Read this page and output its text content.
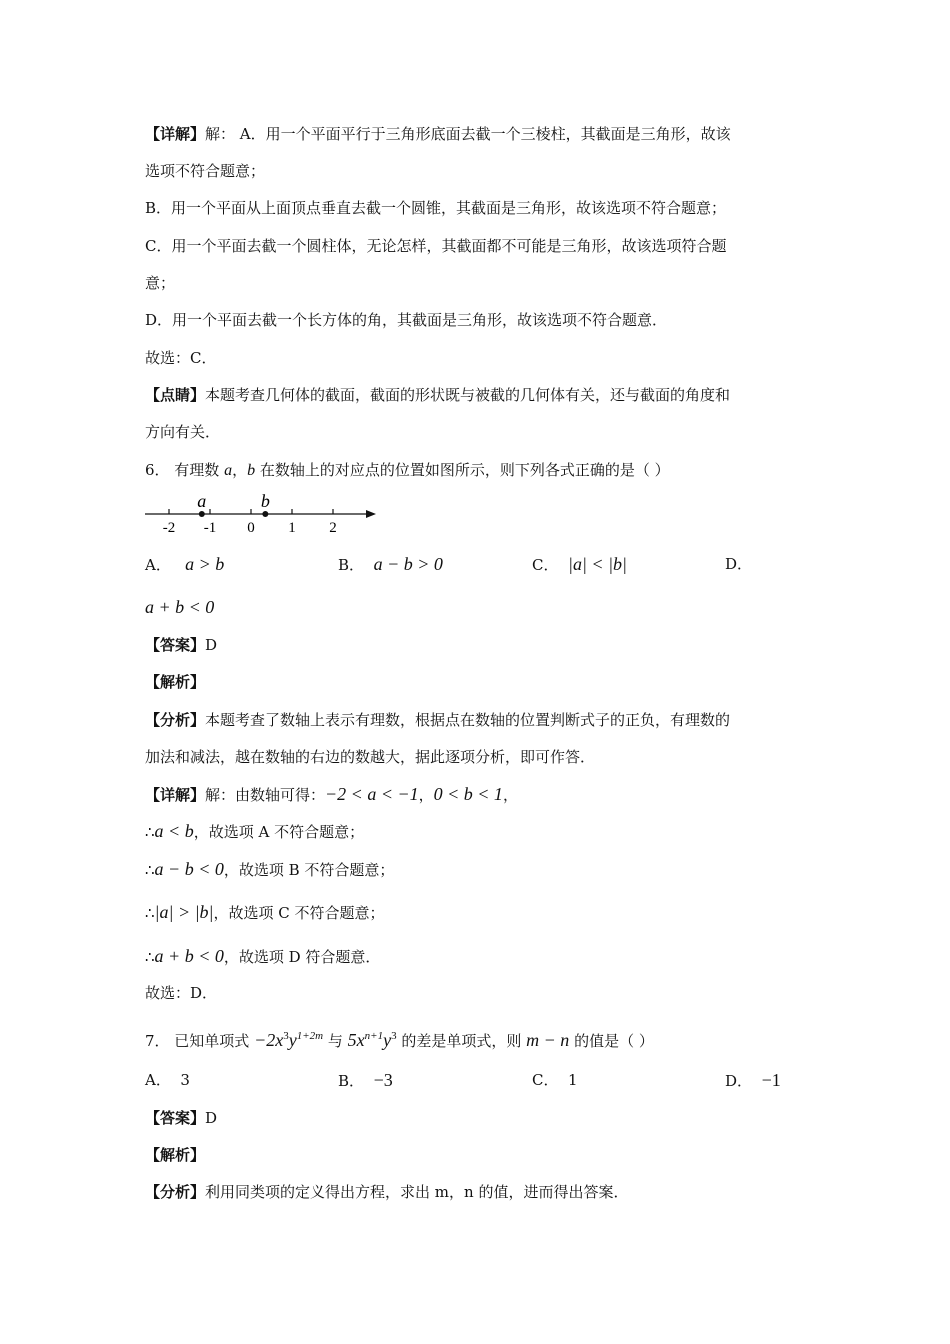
【详解】解： A．用一个平面平行于三角形底面去截一个三棱柱，其截面是三角形，故该
选项不符合题意；
B．用一个平面从上面顶点垂直去截一个圆锥，其截面是三角形，故该选项不符合题意；
C．用一个平面去截一个圆柱体，无论怎样，其截面都不可能是三角形，故该选项符合题
意；
D．用一个平面去截一个长方体的角，其截面是三角形，故该选项不符合题意．
故选：C．
【点睛】本题考查几何体的截面，截面的形状既与被截的几何体有关，还与截面的角度和
方向有关．
6． 有理数 a，b 在数轴上的对应点的位置如图所示，则下列各式正确的是（ ）
-2 -1 0 1 2
a	b
A． a > b	B． a − b > 0	C． |a| < |b|	D．
a + b < 0
【答案】D
【解析】
【分析】本题考查了数轴上表示有理数，根据点在数轴的位置判断式子的正负，有理数的
加法和减法，越在数轴的右边的数越大，据此逐项分析，即可作答．
【详解】解：由数轴可得：−2 < a < −1，0 < b < 1，
∴a < b，故选项 A 不符合题意；
∴a − b < 0，故选项 B 不符合题意；
∴|a| > |b|，故选项 C 不符合题意；
∴a + b < 0，故选项 D 符合题意．
故选：D．
7． 已知单项式 $-2x^3y^{1+2m}$ 与 $5x^{n+1}y^3$ 的差是单项式，则 m − n 的值是（ ）
A． 3	B． −3	C． 1	D． −1
【答案】D
【解析】
【分析】利用同类项的定义得出方程，求出 m，n 的值，进而得出答案．
